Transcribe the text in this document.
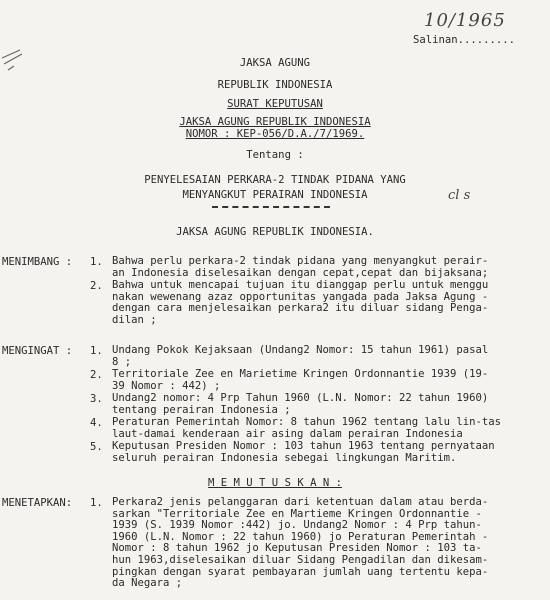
10/1965
Salinan.........
JAKSA AGUNG
REPUBLIK INDONESIA
SURAT KEPUTUSAN
JAKSA AGUNG REPUBLIK INDONESIA
NOMOR : KEP-056/D.A./7/1969.
Tentang :
PENYELESAIAN PERKARA-2 TINDAK PIDANA YANG
MENYANGKUT PERAIRAN INDONESIA	cl s
JAKSA AGUNG REPUBLIK INDONESIA.
MENIMBANG : 1. Bahwa perlu perkara-2 tindak pidana yang menyangkut perair-
an Indonesia diselesaikan dengan cepat,cepat dan bijaksana;
2. Bahwa untuk mencapai tujuan itu dianggap perlu untuk menggu
nakan wewenang azaz opportunitas yangada pada Jaksa Agung -
dengan cara menjelesaikan perkara2 itu diluar sidang Penga-
dilan ;
MENGINGAT : 1. Undang Pokok Kejaksaan (Undang2 Nomor: 15 tahun 1961) pasal
8 ;
2. Territoriale Zee en Marietime Kringen Ordonnantie 1939 (19-
39 Nomor : 442) ;
3. Undang2 nomor: 4 Prp Tahun 1960 (L.N. Nomor: 22 tahun 1960)
tentang perairan Indonesia ;
4. Peraturan Pemerintah Nomor: 8 tahun 1962 tentang lalu lin-tas
laut-damai kenderaan air asing dalam perairan Indonesia
5. Keputusan Presiden Nomor : 103 tahun 1963 tentang pernyataan
seluruh perairan Indonesia sebegai lingkungan Maritim.
M E M U T U S K A N :
MENETAPKAN: 1. Perkara2 jenis pelanggaran dari ketentuan dalam atau berda-
sarkan "Territoriale Zee en Martieme Kringen Ordonnantie -
1939 (S. 1939 Nomor :442) jo. Undang2 Nomor : 4 Prp tahun-
1960 (L.N. Nomor : 22 tahun 1960) jo Peraturan Pemerintah -
Nomor : 8 tahun 1962 jo Keputusan Presiden Nomor : 103 ta-
hun 1963,diselesaikan diluar Sidang Pengadilan dan dikesam-
pingkan dengan syarat pembayaran jumlah uang tertentu kepa-
da Negara ;
